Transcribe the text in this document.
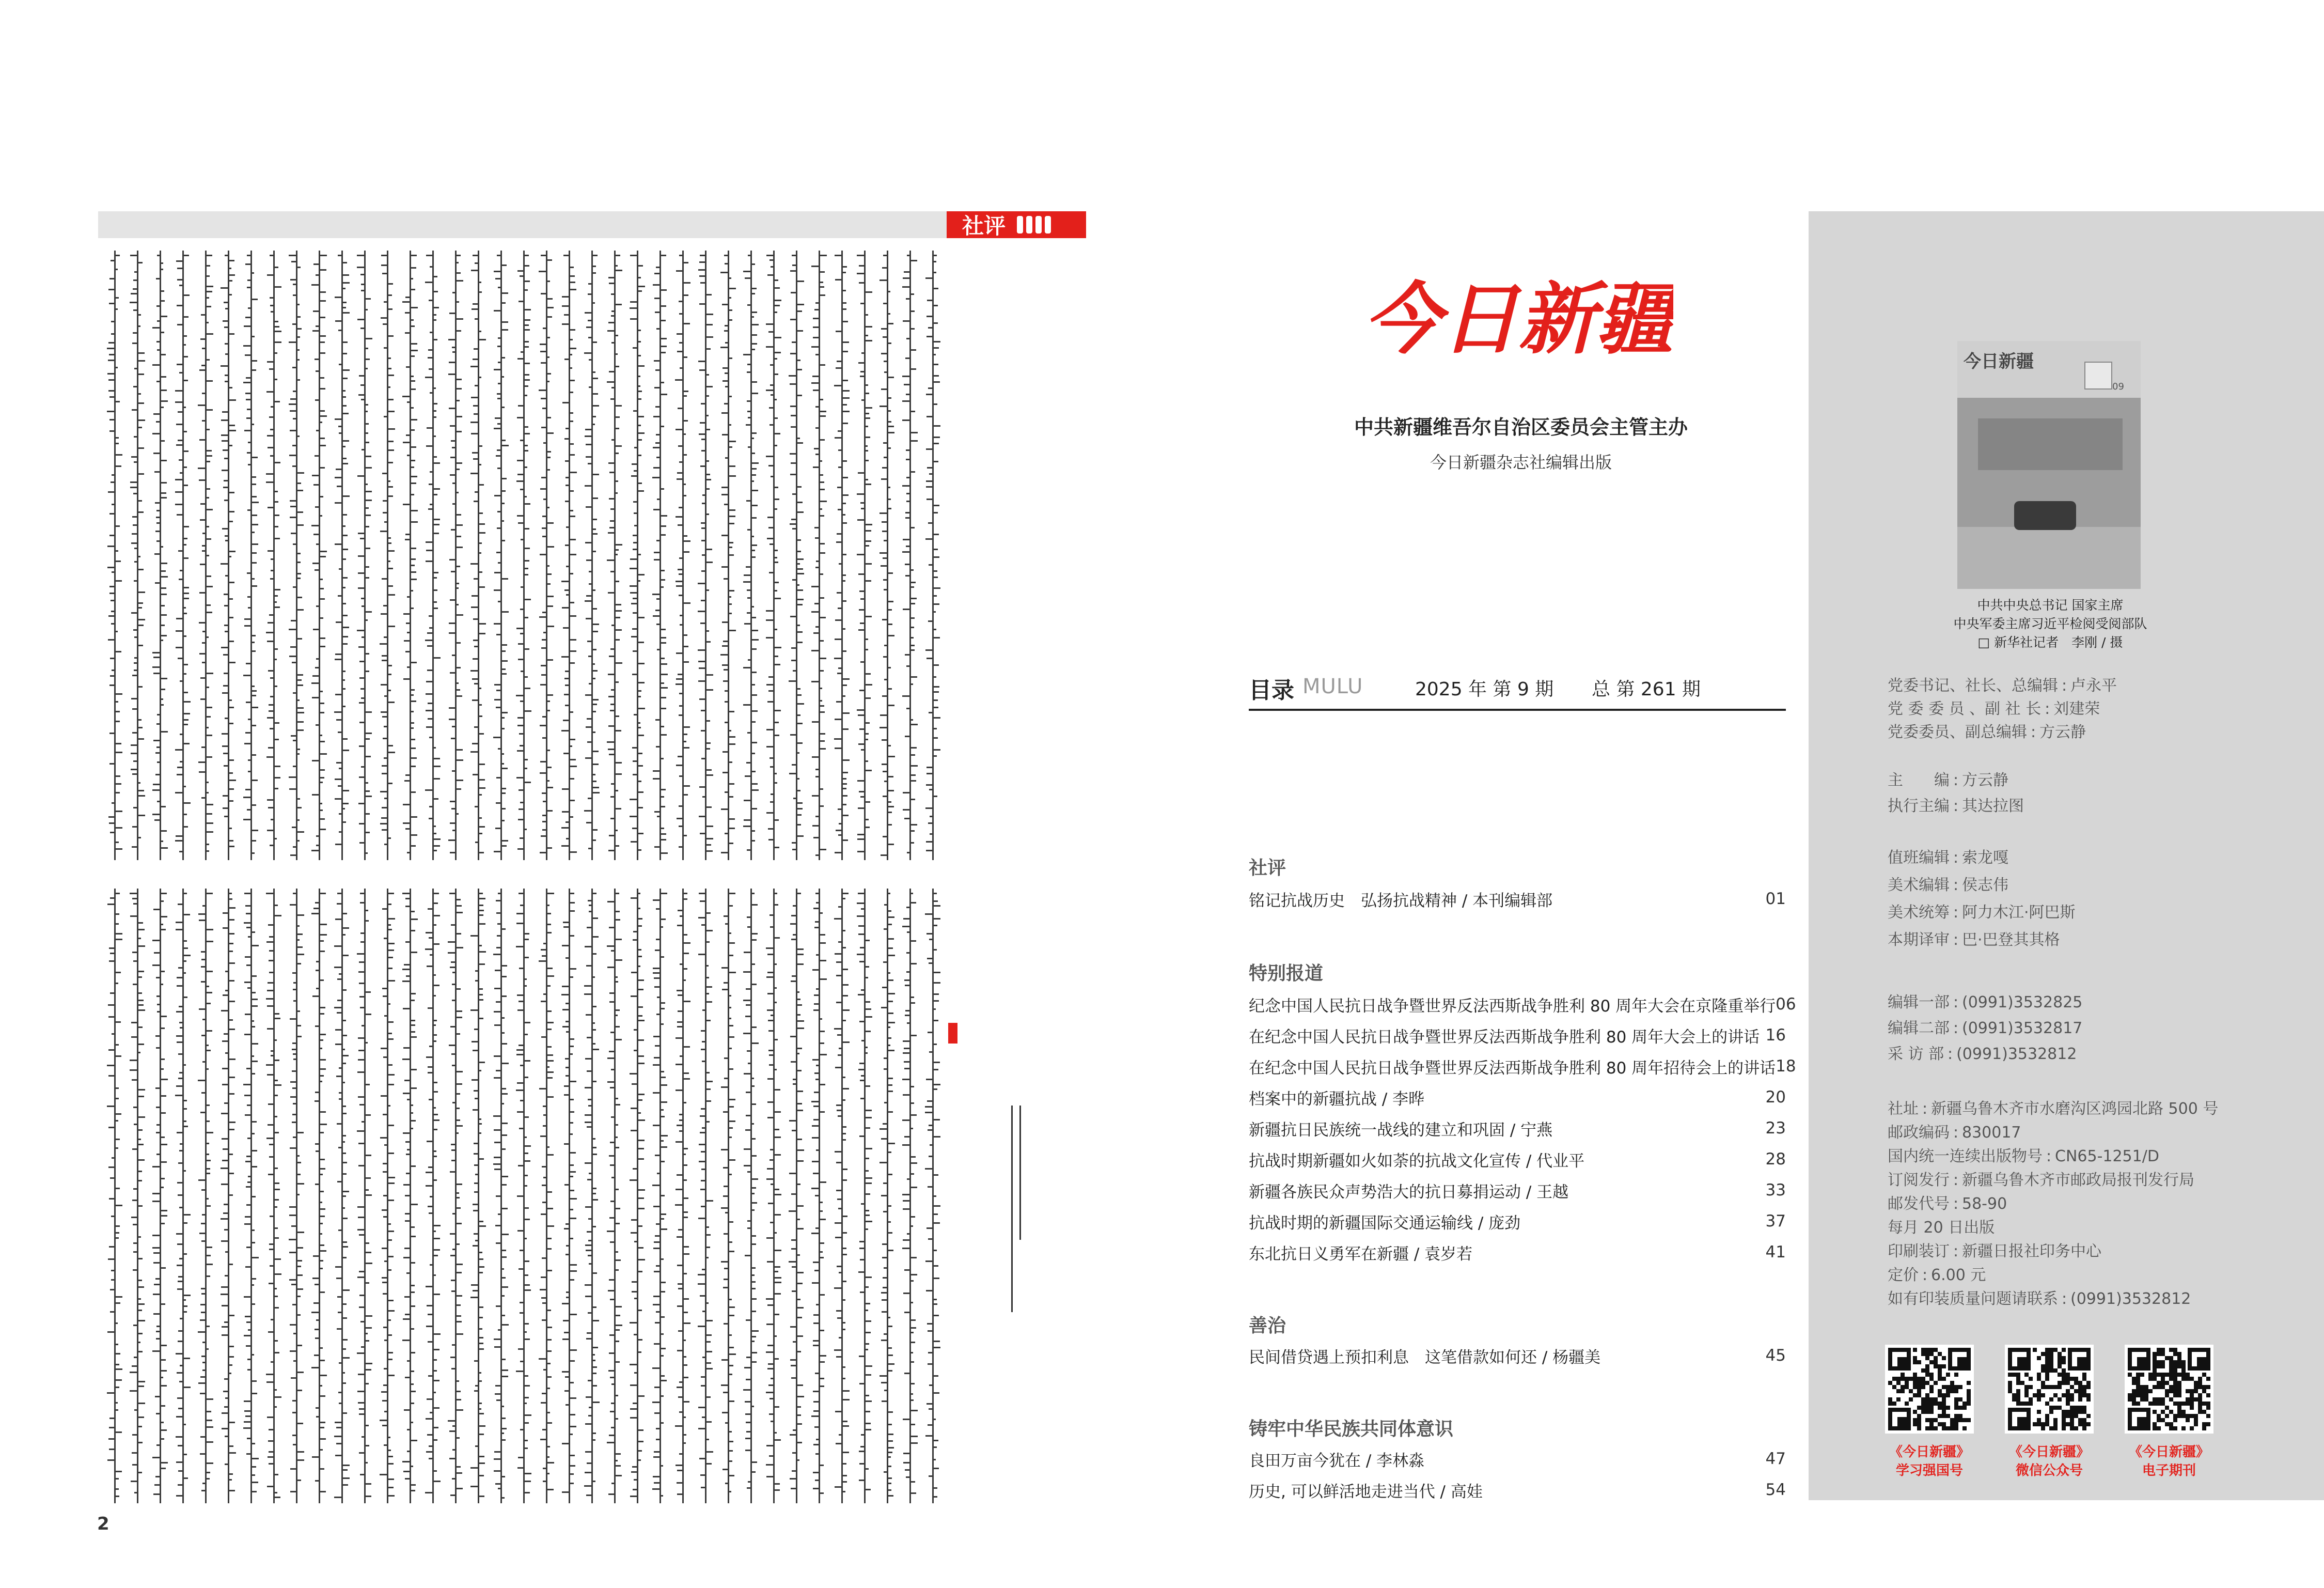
社评
2
今日新疆
中共新疆维吾尔自治区委员会主管主办
今日新疆杂志社编辑出版
目录 MULU	2025 年 第 9 期 总 第 261 期
社评
铭记抗战历史　弘扬抗战精神 / 本刊编辑部	01
特别报道
纪念中国人民抗日战争暨世界反法西斯战争胜利 80 周年大会在京隆重举行 06
在纪念中国人民抗日战争暨世界反法西斯战争胜利 80 周年大会上的讲话 16
在纪念中国人民抗日战争暨世界反法西斯战争胜利 80 周年招待会上的讲话 18
档案中的新疆抗战 / 李晔	20
新疆抗日民族统一战线的建立和巩固 / 宁燕	23
抗战时期新疆如火如荼的抗战文化宣传 / 代业平	28
新疆各族民众声势浩大的抗日募捐运动 / 王越	33
抗战时期的新疆国际交通运输线 / 庞劲	37
东北抗日义勇军在新疆 / 袁岁若	41
善治
民间借贷遇上预扣利息　这笔借款如何还 / 杨疆美	45
铸牢中华民族共同体意识
良田万亩今犹在 / 李林淼	47
历史, 可以鲜活地走进当代 / 高娃	54
今日新疆
09
中共中央总书记 国家主席
中央军委主席习近平检阅受阅部队
□ 新华社记者　李刚 / 摄
党委书记、社长、总编辑 : 卢永平
党 委 委 员 、副 社 长 : 刘建荣
党委委员、副总编辑 : 方云静
主　　编 : 方云静
执行主编 : 其达拉图
值班编辑 : 索龙嘎
美术编辑 : 侯志伟
美术统筹 : 阿力木江·阿巴斯
本期译审 : 巴·巴登其其格
编辑一部 : (0991)3532825
编辑二部 : (0991)3532817
采 访 部 : (0991)3532812
社址 : 新疆乌鲁木齐市水磨沟区鸿园北路 500 号
邮政编码 : 830017
国内统一连续出版物号 : CN65-1251/D
订阅发行 : 新疆乌鲁木齐市邮政局报刊发行局
邮发代号 : 58-90
每月 20 日出版
印刷装订 : 新疆日报社印务中心
定价 : 6.00 元
如有印装质量问题请联系 : (0991)3532812
《今日新疆》
学习强国号
《今日新疆》
微信公众号
《今日新疆》
电子期刊
